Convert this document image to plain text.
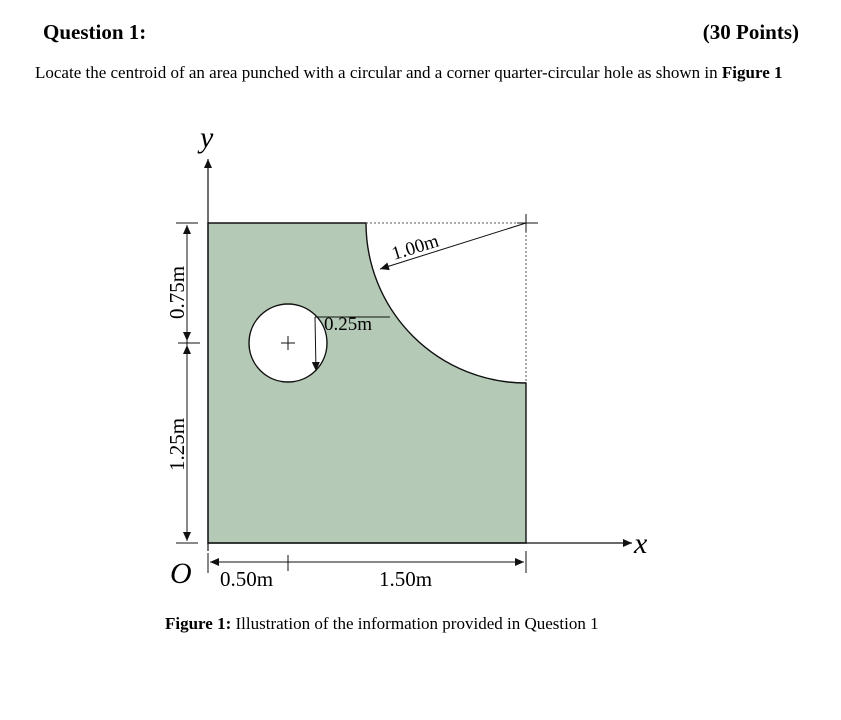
Question 1:	(30 Points)
Locate the centroid of an area punched with a circular and a corner quarter-circular hole as shown in Figure 1
0.25m
1.00m
y
x
O
0.75m
1.25m
0.50m	1.50m
Figure 1: Illustration of the information provided in Question 1
